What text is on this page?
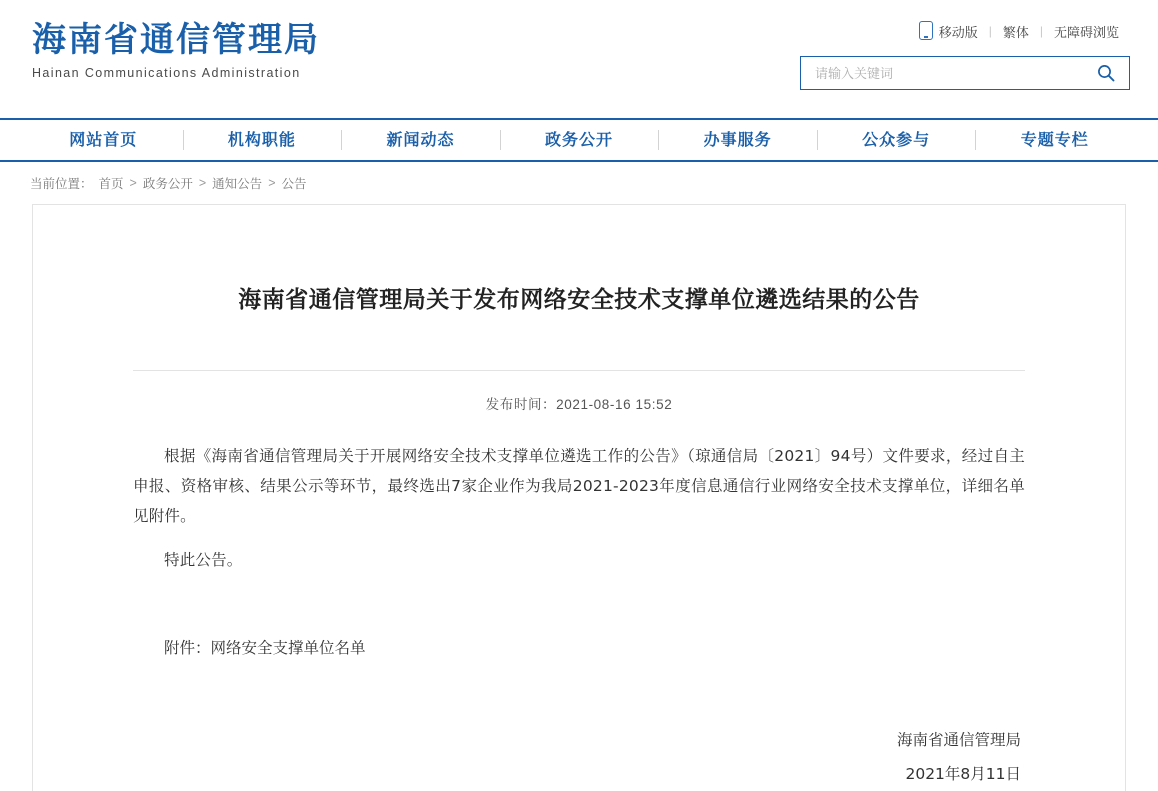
海南省通信管理局
Hainan Communications Administration
移动版 | 繁体 | 无障碍浏览
请输入关键词
网站首页	机构职能	新闻动态	政务公开	办事服务	公众参与	专题专栏
当前位置： 首页 > 政务公开 > 通知公告 > 公告
海南省通信管理局关于发布网络安全技术支撑单位遴选结果的公告
发布时间：2021-08-16 15:52

根据《海南省通信管理局关于开展网络安全技术支撑单位遴选工作的公告》（琼通信局〔2021〕94号）文件要求，经过自主申报、资格审核、结果公示等环节，最终选出7家企业作为我局2021-2023年度信息通信行业网络安全技术支撑单位，详细名单见附件。

特此公告。

附件：网络安全支撑单位名单
海南省通信管理局
2021年8月11日
